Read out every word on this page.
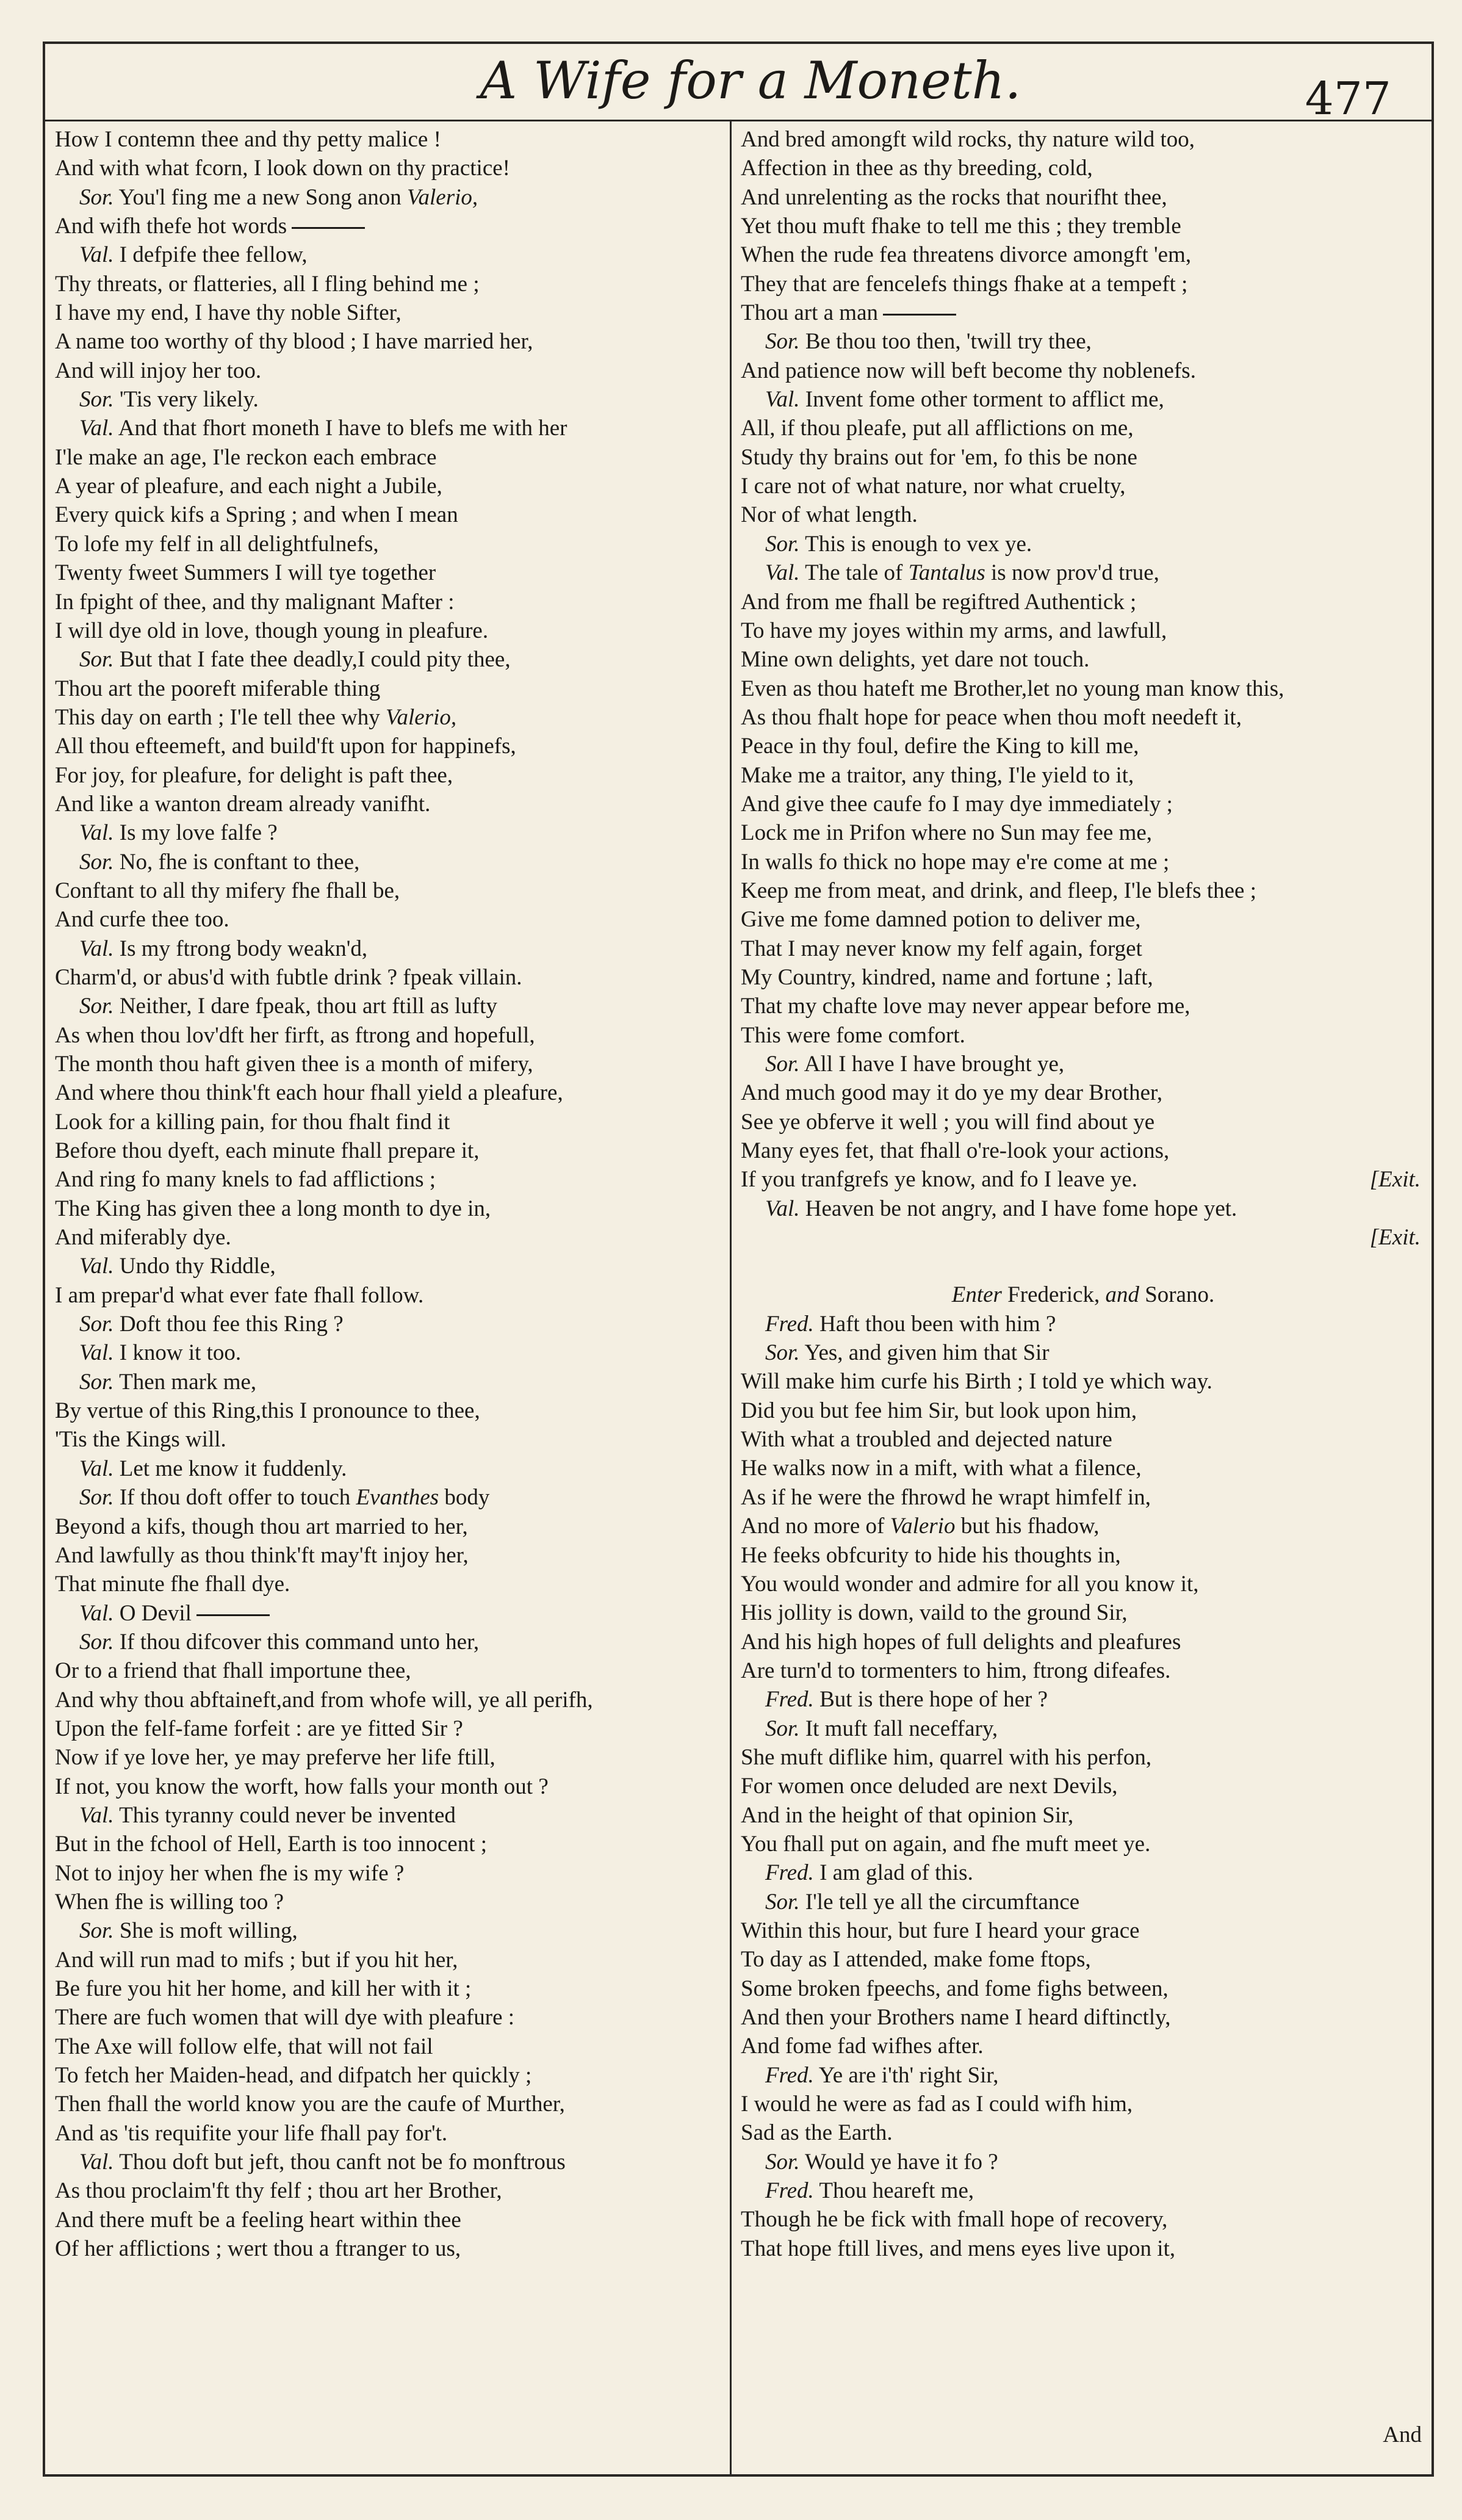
A Wife for a Moneth.	477
How I contemn thee and thy petty malice !
And with what fcorn, I look down on thy practice!
Sor. You'l fing me a new Song anon Valerio,
And wifh thefe hot words
Val. I defpife thee fellow,
Thy threats, or flatteries, all I fling behind me ;
I have my end, I have thy noble Sifter,
A name too worthy of thy blood ; I have married her,
And will injoy her too.
Sor. 'Tis very likely.
Val. And that fhort moneth I have to blefs me with her
I'le make an age, I'le reckon each embrace
A year of pleafure, and each night a Jubile,
Every quick kifs a Spring ; and when I mean
To lofe my felf in all delightfulnefs,
Twenty fweet Summers I will tye together
In fpight of thee, and thy malignant Mafter :
I will dye old in love, though young in pleafure.
Sor. But that I fate thee deadly,I could pity thee,
Thou art the pooreft miferable thing
This day on earth ; I'le tell thee why Valerio,
All thou efteemeft, and build'ft upon for happinefs,
For joy, for pleafure, for delight is paft thee,
And like a wanton dream already vanifht.
Val. Is my love falfe ?
Sor. No, fhe is conftant to thee,
Conftant to all thy mifery fhe fhall be,
And curfe thee too.
Val. Is my ftrong body weakn'd,
Charm'd, or abus'd with fubtle drink ? fpeak villain.
Sor. Neither, I dare fpeak, thou art ftill as lufty
As when thou lov'dft her firft, as ftrong and hopefull,
The month thou haft given thee is a month of mifery,
And where thou think'ft each hour fhall yield a pleafure,
Look for a killing pain, for thou fhalt find it
Before thou dyeft, each minute fhall prepare it,
And ring fo many knels to fad afflictions ;
The King has given thee a long month to dye in,
And miferably dye.
Val. Undo thy Riddle,
I am prepar'd what ever fate fhall follow.
Sor. Doft thou fee this Ring ?
Val. I know it too.
Sor. Then mark me,
By vertue of this Ring,this I pronounce to thee,
'Tis the Kings will.
Val. Let me know it fuddenly.
Sor. If thou doft offer to touch Evanthes body
Beyond a kifs, though thou art married to her,
And lawfully as thou think'ft may'ft injoy her,
That minute fhe fhall dye.
Val. O Devil
Sor. If thou difcover this command unto her,
Or to a friend that fhall importune thee,
And why thou abftaineft,and from whofe will, ye all perifh,
Upon the felf-fame forfeit : are ye fitted Sir ?
Now if ye love her, ye may preferve her life ftill,
If not, you know the worft, how falls your month out ?
Val. This tyranny could never be invented
But in the fchool of Hell, Earth is too innocent ;
Not to injoy her when fhe is my wife ?
When fhe is willing too ?
Sor. She is moft willing,
And will run mad to mifs ; but if you hit her,
Be fure you hit her home, and kill her with it ;
There are fuch women that will dye with pleafure :
The Axe will follow elfe, that will not fail
To fetch her Maiden-head, and difpatch her quickly ;
Then fhall the world know you are the caufe of Murther,
And as 'tis requifite your life fhall pay for't.
Val. Thou doft but jeft, thou canft not be fo monftrous
As thou proclaim'ft thy felf ; thou art her Brother,
And there muft be a feeling heart within thee
Of her afflictions ; wert thou a ftranger to us,
And bred amongft wild rocks, thy nature wild too,
Affection in thee as thy breeding, cold,
And unrelenting as the rocks that nourifht thee,
Yet thou muft fhake to tell me this ; they tremble
When the rude fea threatens divorce amongft 'em,
They that are fencelefs things fhake at a tempeft ;
Thou art a man
Sor. Be thou too then, 'twill try thee,
And patience now will beft become thy noblenefs.
Val. Invent fome other torment to afflict me,
All, if thou pleafe, put all afflictions on me,
Study thy brains out for 'em, fo this be none
I care not of what nature, nor what cruelty,
Nor of what length.
Sor. This is enough to vex ye.
Val. The tale of Tantalus is now prov'd true,
And from me fhall be regiftred Authentick ;
To have my joyes within my arms, and lawfull,
Mine own delights, yet dare not touch.
Even as thou hateft me Brother,let no young man know this,
As thou fhalt hope for peace when thou moft needeft it,
Peace in thy foul, defire the King to kill me,
Make me a traitor, any thing, I'le yield to it,
And give thee caufe fo I may dye immediately ;
Lock me in Prifon where no Sun may fee me,
In walls fo thick no hope may e're come at me ;
Keep me from meat, and drink, and fleep, I'le blefs thee ;
Give me fome damned potion to deliver me,
That I may never know my felf again, forget
My Country, kindred, name and fortune ; laft,
That my chafte love may never appear before me,
This were fome comfort.
Sor. All I have I have brought ye,
And much good may it do ye my dear Brother,
See ye obferve it well ; you will find about ye
Many eyes fet, that fhall o're-look your actions,
If you tranfgrefs ye know, and fo I leave ye.	[Exit.
Val. Heaven be not angry, and I have fome hope yet.
[Exit.
Enter Frederick, and Sorano.
Fred. Haft thou been with him ?
Sor. Yes, and given him that Sir
Will make him curfe his Birth ; I told ye which way.
Did you but fee him Sir, but look upon him,
With what a troubled and dejected nature
He walks now in a mift, with what a filence,
As if he were the fhrowd he wrapt himfelf in,
And no more of Valerio but his fhadow,
He feeks obfcurity to hide his thoughts in,
You would wonder and admire for all you know it,
His jollity is down, vaild to the ground Sir,
And his high hopes of full delights and pleafures
Are turn'd to tormenters to him, ftrong difeafes.
Fred. But is there hope of her ?
Sor. It muft fall neceffary,
She muft diflike him, quarrel with his perfon,
For women once deluded are next Devils,
And in the height of that opinion Sir,
You fhall put on again, and fhe muft meet ye.
Fred. I am glad of this.
Sor. I'le tell ye all the circumftance
Within this hour, but fure I heard your grace
To day as I attended, make fome ftops,
Some broken fpeechs, and fome fighs between,
And then your Brothers name I heard diftinctly,
And fome fad wifhes after.
Fred. Ye are i'th' right Sir,
I would he were as fad as I could wifh him,
Sad as the Earth.
Sor. Would ye have it fo ?
Fred. Thou heareft me,
Though he be fick with fmall hope of recovery,
That hope ftill lives, and mens eyes live upon it,
And
